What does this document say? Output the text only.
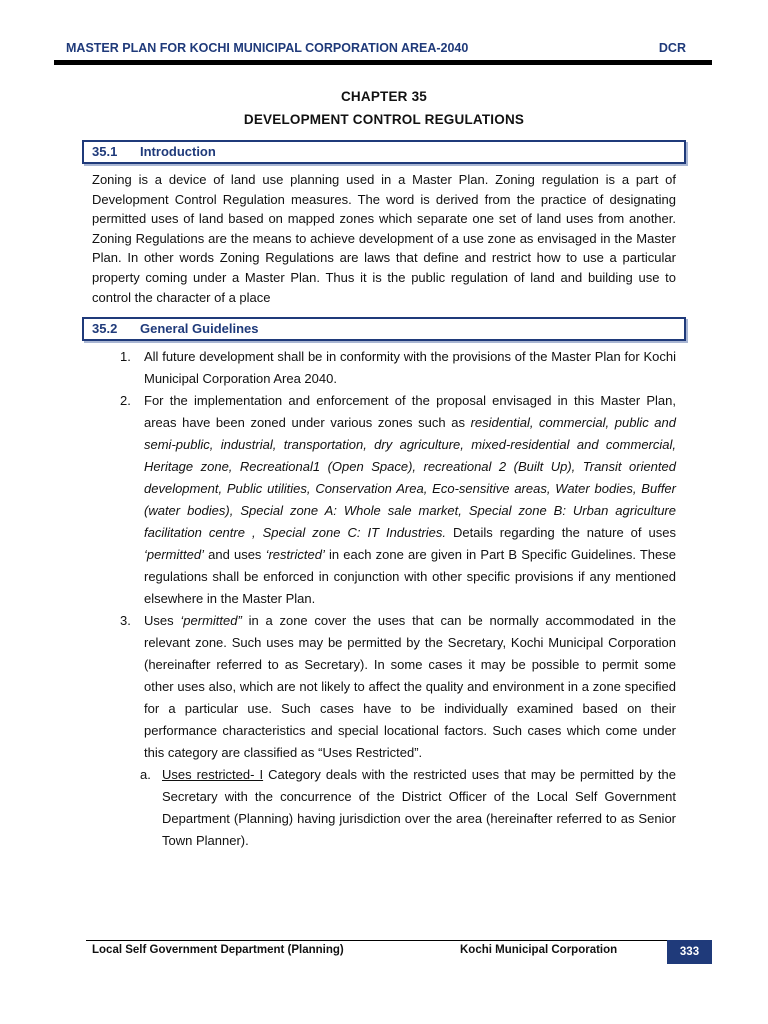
MASTER PLAN FOR KOCHI MUNICIPAL CORPORATION AREA-2040	DCR
CHAPTER 35
DEVELOPMENT CONTROL REGULATIONS
35.1 Introduction
Zoning is a device of land use planning used in a Master Plan. Zoning regulation is a part of Development Control Regulation measures. The word is derived from the practice of designating permitted uses of land based on mapped zones which separate one set of land uses from another. Zoning Regulations are the means to achieve development of a use zone as envisaged in the Master Plan. In other words Zoning Regulations are laws that define and restrict how to use a particular property coming under a Master Plan. Thus it is the public regulation of land and building use to control the character of a place
35.2 General Guidelines
1. All future development shall be in conformity with the provisions of the Master Plan for Kochi Municipal Corporation Area 2040.
2. For the implementation and enforcement of the proposal envisaged in this Master Plan, areas have been zoned under various zones such as residential, commercial, public and semi-public, industrial, transportation, dry agriculture, mixed-residential and commercial, Heritage zone, Recreational1 (Open Space), recreational 2 (Built Up), Transit oriented development, Public utilities, Conservation Area, Eco-sensitive areas, Water bodies, Buffer (water bodies), Special zone A: Whole sale market, Special zone B: Urban agriculture facilitation centre , Special zone C: IT Industries. Details regarding the nature of uses ‘permitted’ and uses ‘restricted’ in each zone are given in Part B Specific Guidelines. These regulations shall be enforced in conjunction with other specific provisions if any mentioned elsewhere in the Master Plan.
3. Uses ‘permitted” in a zone cover the uses that can be normally accommodated in the relevant zone. Such uses may be permitted by the Secretary, Kochi Municipal Corporation (hereinafter referred to as Secretary). In some cases it may be possible to permit some other uses also, which are not likely to affect the quality and environment in a zone specified for a particular use. Such cases have to be individually examined based on their performance characteristics and special locational factors. Such cases which come under this category are classified as “Uses Restricted”.
a. Uses restricted- I Category deals with the restricted uses that may be permitted by the Secretary with the concurrence of the District Officer of the Local Self Government Department (Planning) having jurisdiction over the area (hereinafter referred to as Senior Town Planner).
Local Self Government Department (Planning)	Kochi Municipal Corporation	333
